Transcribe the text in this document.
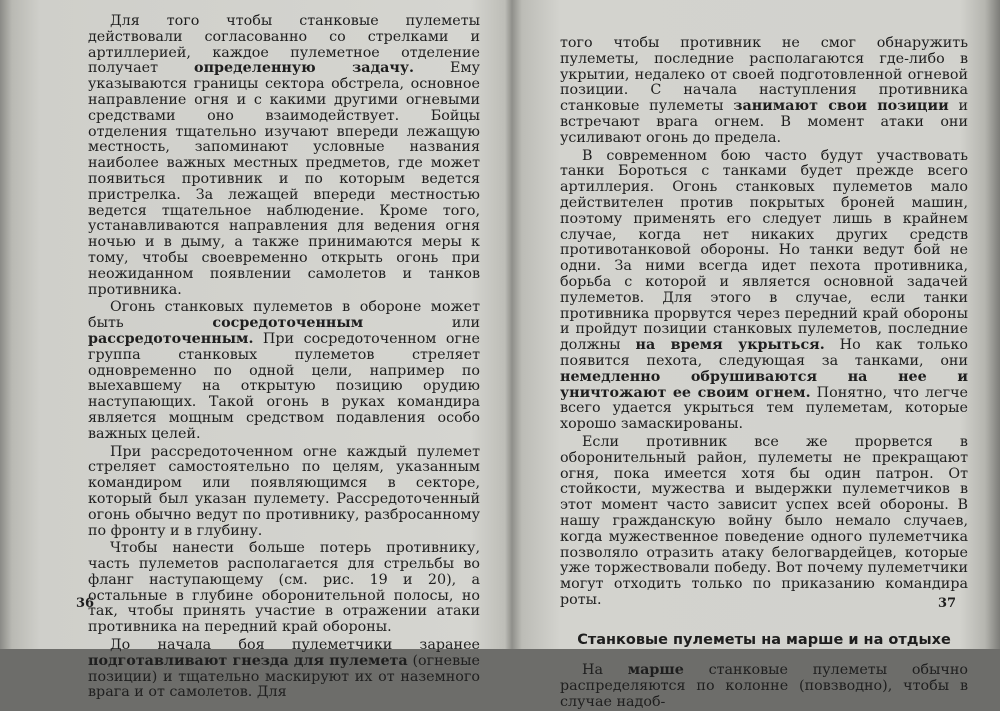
Для того чтобы станковые пулеметы действовали согласованно со стрелками и артиллерией, каждое пулеметное отделение получает определенную задачу. Ему указываются границы сектора обстрела, основное направление огня и с какими другими огневыми средствами оно взаимодействует. Бойцы отделения тщательно изучают впереди лежащую местность, запоминают условные названия наиболее важных местных предметов, где может появиться противник и по которым ведется пристрелка. За лежащей впереди местностью ведется тщательное наблюдение. Кроме того, устанавливаются направления для ведения огня ночью и в дыму, а также принимаются меры к тому, чтобы своевременно открыть огонь при неожиданном появлении самолетов и танков противника.

Огонь станковых пулеметов в обороне может быть сосредоточенным или рассредоточенным. При сосредоточенном огне группа станковых пулеметов стреляет одновременно по одной цели, например по выехавшему на открытую позицию орудию наступающих. Такой огонь в руках командира является мощным средством подавления особо важных целей.

При рассредоточенном огне каждый пулемет стреляет самостоятельно по целям, указанным командиром или появляющимся в секторе, который был указан пулемету. Рассредоточенный огонь обычно ведут по противнику, разбросанному по фронту и в глубину.

Чтобы нанести больше потерь противнику, часть пулеметов располагается для стрельбы во фланг наступающему (см. рис. 19 и 20), а остальные в глубине оборонительной полосы, но так, чтобы принять участие в отражении атаки противника на передний край обороны.

До начала боя пулеметчики заранее подготавливают гнезда для пулемета (огневые позиции) и тщательно маскируют их от наземного врага и от самолетов. Для

36

того чтобы противник не смог обнаружить пулеметы, последние располагаются где-либо в укрытии, недалеко от своей подготовленной огневой позиции. С начала наступления противника станковые пулеметы занимают свои позиции и встречают врага огнем. В момент атаки они усиливают огонь до предела.

В современном бою часто будут участвовать танки Бороться с танками будет прежде всего артиллерия. Огонь станковых пулеметов мало действителен против покрытых броней машин, поэтому применять его следует лишь в крайнем случае, когда нет никаких других средств противотанковой обороны. Но танки ведут бой не одни. За ними всегда идет пехота противника, борьба с которой и является основной задачей пулеметов. Для этого в случае, если танки противника прорвутся через передний край обороны и пройдут позиции станковых пулеметов, последние должны на время укрыться. Но как только появится пехота, следующая за танками, они немедленно обрушиваются на нее и уничтожают ее своим огнем. Понятно, что легче всего удается укрыться тем пулеметам, которые хорошо замаскированы.

Если противник все же прорвется в оборонительный район, пулеметы не прекращают огня, пока имеется хотя бы один патрон. От стойкости, мужества и выдержки пулеметчиков в этот момент часто зависит успех всей обороны. В нашу гражданскую войну было немало случаев, когда мужественное поведение одного пулеметчика позволяло отразить атаку белогвардейцев, которые уже торжествовали победу. Вот почему пулеметчики могут отходить только по приказанию командира роты.

Станковые пулеметы на марше и на отдыхе

На марше станковые пулеметы обычно распределяются по колонне (повзводно), чтобы в случае надоб-

37
